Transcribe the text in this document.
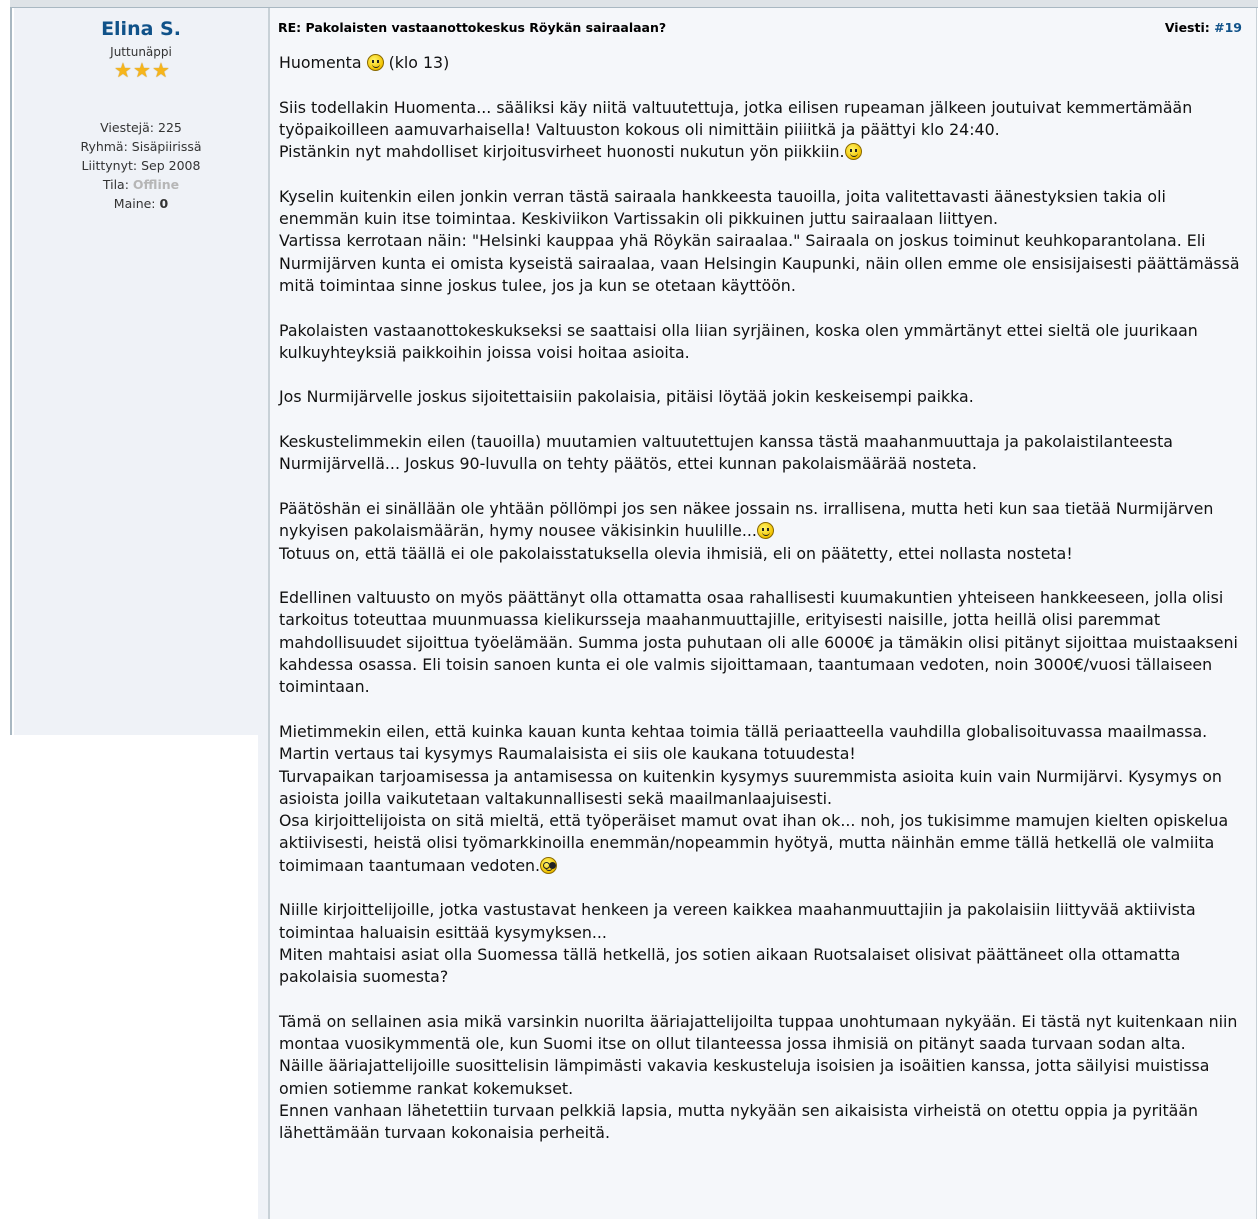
Elina S.
Juttunäppi
★ ★ ★
Viestejä: 225
Ryhmä: Sisäpiirissä
Liittynyt: Sep 2008
Tila: Offline
Maine: 0
RE: Pakolaisten vastaanottokeskus Röykän sairaalaan?	Viesti: #19

Huomenta  (klo 13)

Siis todellakin Huomenta... sääliksi käy niitä valtuutettuja, jotka eilisen rupeaman jälkeen joutuivat kemmertämään työpaikoilleen aamuvarhaisella! Valtuuston kokous oli nimittäin piiiitkä ja päättyi klo 24:40.
Pistänkin nyt mahdolliset kirjoitusvirheet huonosti nukutun yön piikkiin.

Kyselin kuitenkin eilen jonkin verran tästä sairaala hankkeesta tauoilla, joita valitettavasti äänestyksien takia oli enemmän kuin itse toimintaa. Keskiviikon Vartissakin oli pikkuinen juttu sairaalaan liittyen.
Vartissa kerrotaan näin: "Helsinki kauppaa yhä Röykän sairaalaa." Sairaala on joskus toiminut keuhkoparantolana. Eli Nurmijärven kunta ei omista kyseistä sairaalaa, vaan Helsingin Kaupunki, näin ollen emme ole ensisijaisesti päättämässä mitä toimintaa sinne joskus tulee, jos ja kun se otetaan käyttöön.

Pakolaisten vastaanottokeskukseksi se saattaisi olla liian syrjäinen, koska olen ymmärtänyt ettei sieltä ole juurikaan kulkuyhteyksiä paikkoihin joissa voisi hoitaa asioita.

Jos Nurmijärvelle joskus sijoitettaisiin pakolaisia, pitäisi löytää jokin keskeisempi paikka.

Keskustelimmekin eilen (tauoilla) muutamien valtuutettujen kanssa tästä maahanmuuttaja ja pakolaistilanteesta Nurmijärvellä... Joskus 90-luvulla on tehty päätös, ettei kunnan pakolaismäärää nosteta.

Päätöshän ei sinällään ole yhtään pöllömpi jos sen näkee jossain ns. irrallisena, mutta heti kun saa tietää Nurmijärven nykyisen pakolaismäärän, hymy nousee väkisinkin huulille...
Totuus on, että täällä ei ole pakolaisstatuksella olevia ihmisiä, eli on päätetty, ettei nollasta nosteta!

Edellinen valtuusto on myös päättänyt olla ottamatta osaa rahallisesti kuumakuntien yhteiseen hankkeeseen, jolla olisi tarkoitus toteuttaa muunmuassa kielikursseja maahanmuuttajille, erityisesti naisille, jotta heillä olisi paremmat mahdollisuudet sijoittua työelämään. Summa josta puhutaan oli alle 6000€ ja tämäkin olisi pitänyt sijoittaa muistaakseni kahdessa osassa. Eli toisin sanoen kunta ei ole valmis sijoittamaan, taantumaan vedoten, noin 3000€/vuosi tällaiseen toimintaan.

Mietimmekin eilen, että kuinka kauan kunta kehtaa toimia tällä periaatteella vauhdilla globalisoituvassa maailmassa.
Martin vertaus tai kysymys Raumalaisista ei siis ole kaukana totuudesta!
Turvapaikan tarjoamisessa ja antamisessa on kuitenkin kysymys suuremmista asioita kuin vain Nurmijärvi. Kysymys on asioista joilla vaikutetaan valtakunnallisesti sekä maailmanlaajuisesti.
Osa kirjoittelijoista on sitä mieltä, että työperäiset mamut ovat ihan ok... noh, jos tukisimme mamujen kielten opiskelua aktiivisesti, heistä olisi työmarkkinoilla enemmän/nopeammin hyötyä, mutta näinhän emme tällä hetkellä ole valmiita toimimaan taantumaan vedoten.

Niille kirjoittelijoille, jotka vastustavat henkeen ja vereen kaikkea maahanmuuttajiin ja pakolaisiin liittyvää aktiivista toimintaa haluaisin esittää kysymyksen...
Miten mahtaisi asiat olla Suomessa tällä hetkellä, jos sotien aikaan Ruotsalaiset olisivat päättäneet olla ottamatta pakolaisia suomesta?

Tämä on sellainen asia mikä varsinkin nuorilta ääriajattelijoilta tuppaa unohtumaan nykyään. Ei tästä nyt kuitenkaan niin montaa vuosikymmentä ole, kun Suomi itse on ollut tilanteessa jossa ihmisiä on pitänyt saada turvaan sodan alta.
Näille ääriajattelijoille suosittelisin lämpimästi vakavia keskusteluja isoisien ja isoäitien kanssa, jotta säilyisi muistissa omien sotiemme rankat kokemukset.
Ennen vanhaan lähetettiin turvaan pelkkiä lapsia, mutta nykyään sen aikaisista virheistä on otettu oppia ja pyritään lähettämään turvaan kokonaisia perheitä.
